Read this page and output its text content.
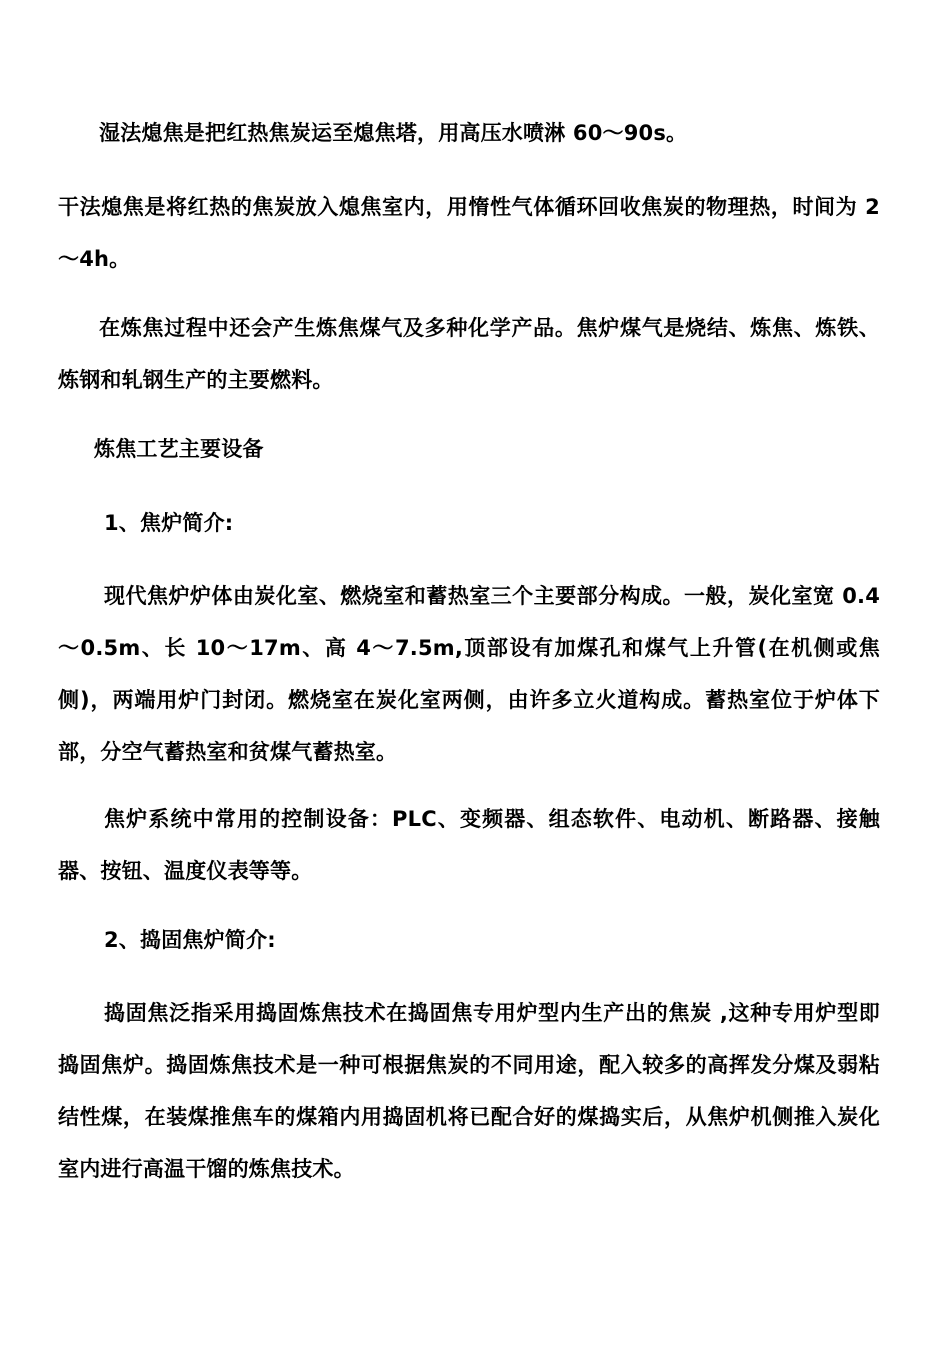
湿法熄焦是把红热焦炭运至熄焦塔，用高压水喷淋 60～90s。

干法熄焦是将红热的焦炭放入熄焦室内，用惰性气体循环回收焦炭的物理热，时间为 2～4h。

在炼焦过程中还会产生炼焦煤气及多种化学产品。焦炉煤气是烧结、炼焦、炼铁、炼钢和轧钢生产的主要燃料。

炼焦工艺主要设备

1、焦炉简介:

现代焦炉炉体由炭化室、燃烧室和蓄热室三个主要部分构成。一般，炭化室宽 0.4～0.5m、长 10～17m、高 4～7.5m,顶部设有加煤孔和煤气上升管(在机侧或焦侧)，两端用炉门封闭。燃烧室在炭化室两侧，由许多立火道构成。蓄热室位于炉体下部，分空气蓄热室和贫煤气蓄热室。

焦炉系统中常用的控制设备：PLC、变频器、组态软件、电动机、断路器、接触器、按钮、温度仪表等等。

2、捣固焦炉简介:

捣固焦泛指采用捣固炼焦技术在捣固焦专用炉型内生产出的焦炭 ,这种专用炉型即捣固焦炉。捣固炼焦技术是一种可根据焦炭的不同用途，配入较多的高挥发分煤及弱粘结性煤，在装煤推焦车的煤箱内用捣固机将已配合好的煤捣实后，从焦炉机侧推入炭化室内进行高温干馏的炼焦技术。
